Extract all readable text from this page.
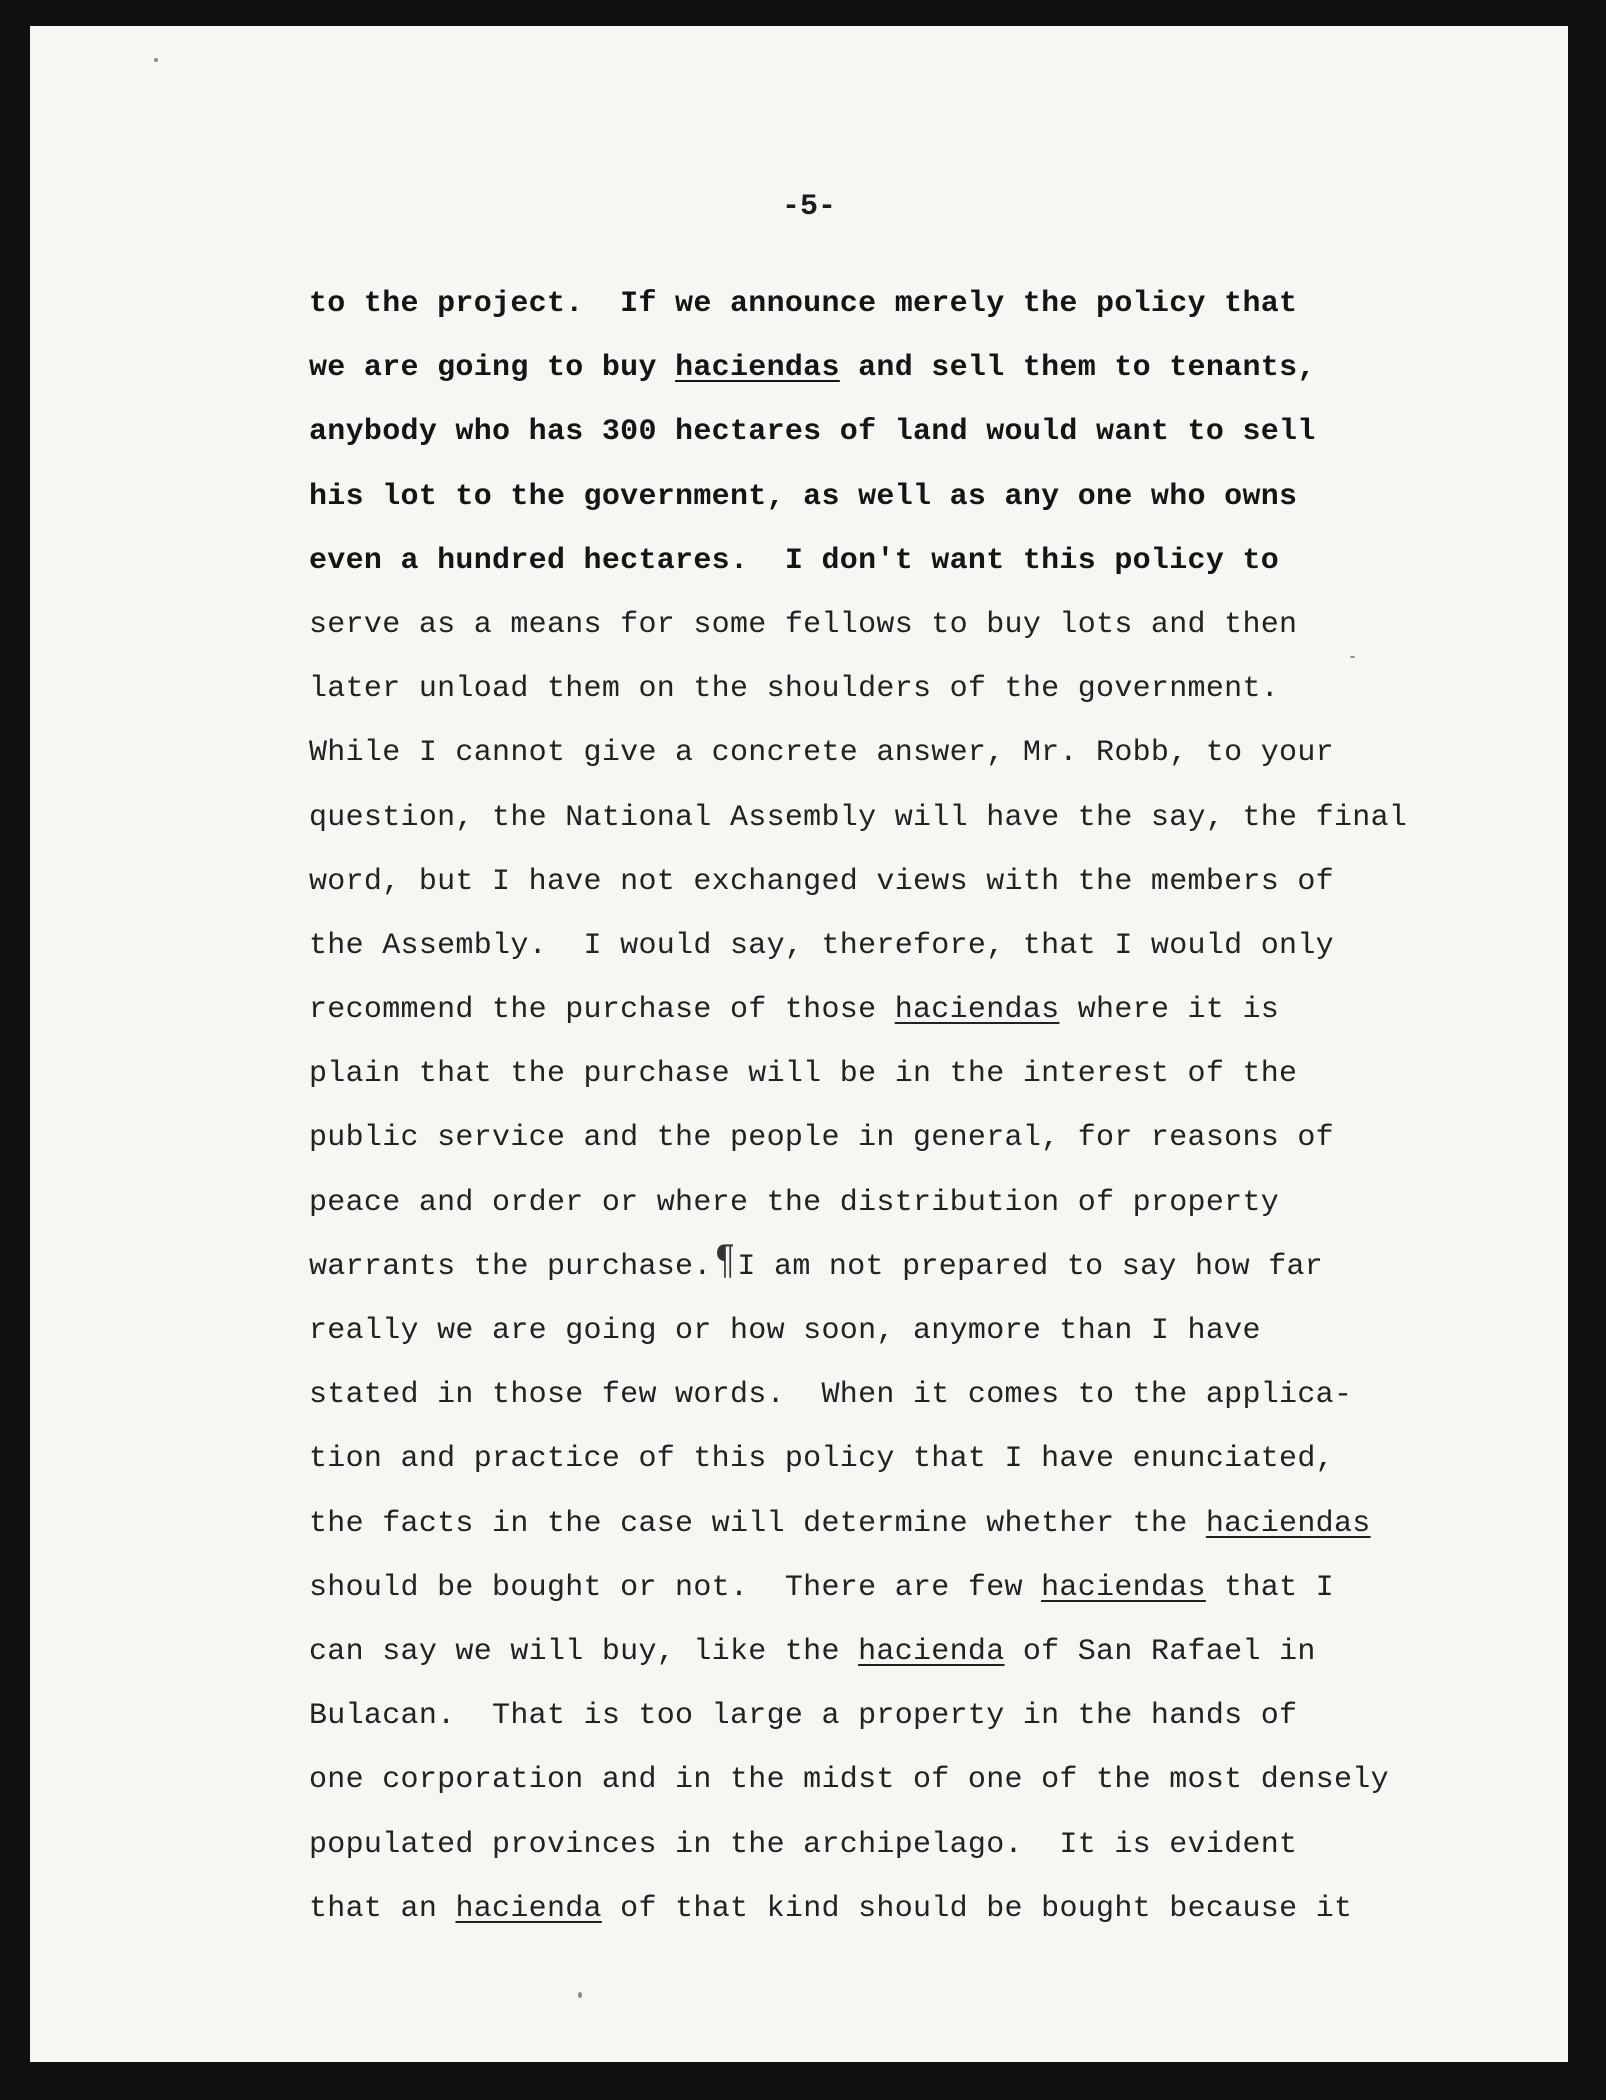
-5-
to the project.  If we announce merely the policy that
we are going to buy haciendas and sell them to tenants,
anybody who has 300 hectares of land would want to sell
his lot to the government, as well as any one who owns
even a hundred hectares.  I don't want this policy to
serve as a means for some fellows to buy lots and then
later unload them on the shoulders of the government.
While I cannot give a concrete answer, Mr. Robb, to your
question, the National Assembly will have the say, the final
word, but I have not exchanged views with the members of
the Assembly.  I would say, therefore, that I would only
recommend the purchase of those haciendas where it is
plain that the purchase will be in the interest of the
public service and the people in general, for reasons of
peace and order or where the distribution of property
warrants the purchase.¶I am not prepared to say how far
really we are going or how soon, anymore than I have
stated in those few words.  When it comes to the applica-
tion and practice of this policy that I have enunciated,
the facts in the case will determine whether the haciendas
should be bought or not.  There are few haciendas that I
can say we will buy, like the hacienda of San Rafael in
Bulacan.  That is too large a property in the hands of
one corporation and in the midst of one of the most densely
populated provinces in the archipelago.  It is evident
that an hacienda of that kind should be bought because it
